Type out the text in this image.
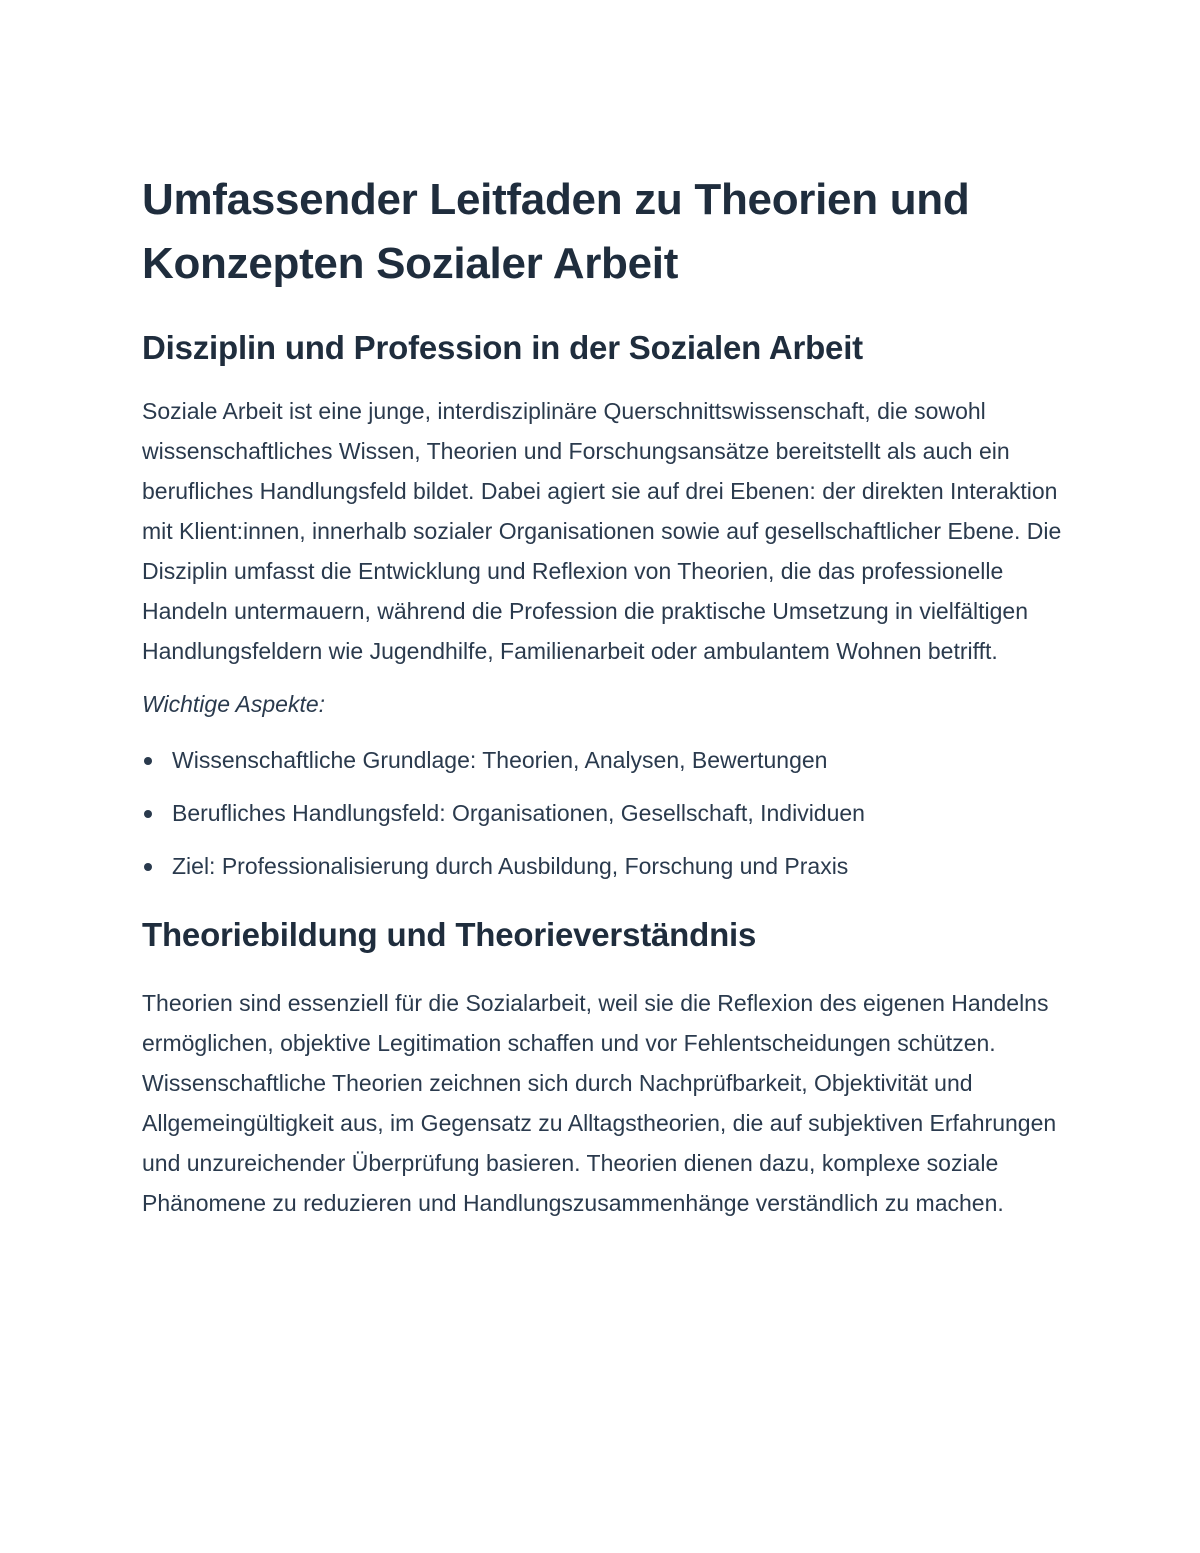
Umfassender Leitfaden zu Theorien und Konzepten Sozialer Arbeit
Disziplin und Profession in der Sozialen Arbeit

Soziale Arbeit ist eine junge, interdisziplinäre Querschnittswissenschaft, die sowohl wissenschaftliches Wissen, Theorien und Forschungsansätze bereitstellt als auch ein berufliches Handlungsfeld bildet. Dabei agiert sie auf drei Ebenen: der direkten Interaktion mit Klient:innen, innerhalb sozialer Organisationen sowie auf gesellschaftlicher Ebene. Die Disziplin umfasst die Entwicklung und Reflexion von Theorien, die das professionelle Handeln untermauern, während die Profession die praktische Umsetzung in vielfältigen Handlungsfeldern wie Jugendhilfe, Familienarbeit oder ambulantem Wohnen betrifft.

Wichtige Aspekte:

Wissenschaftliche Grundlage: Theorien, Analysen, Bewertungen
Berufliches Handlungsfeld: Organisationen, Gesellschaft, Individuen
Ziel: Professionalisierung durch Ausbildung, Forschung und Praxis
Theoriebildung und Theorieverständnis

Theorien sind essenziell für die Sozialarbeit, weil sie die Reflexion des eigenen Handelns ermöglichen, objektive Legitimation schaffen und vor Fehlentscheidungen schützen. Wissenschaftliche Theorien zeichnen sich durch Nachprüfbarkeit, Objektivität und Allgemeingültigkeit aus, im Gegensatz zu Alltagstheorien, die auf subjektiven Erfahrungen und unzureichender Überprüfung basieren. Theorien dienen dazu, komplexe soziale Phänomene zu reduzieren und Handlungszusammenhänge verständlich zu machen.
